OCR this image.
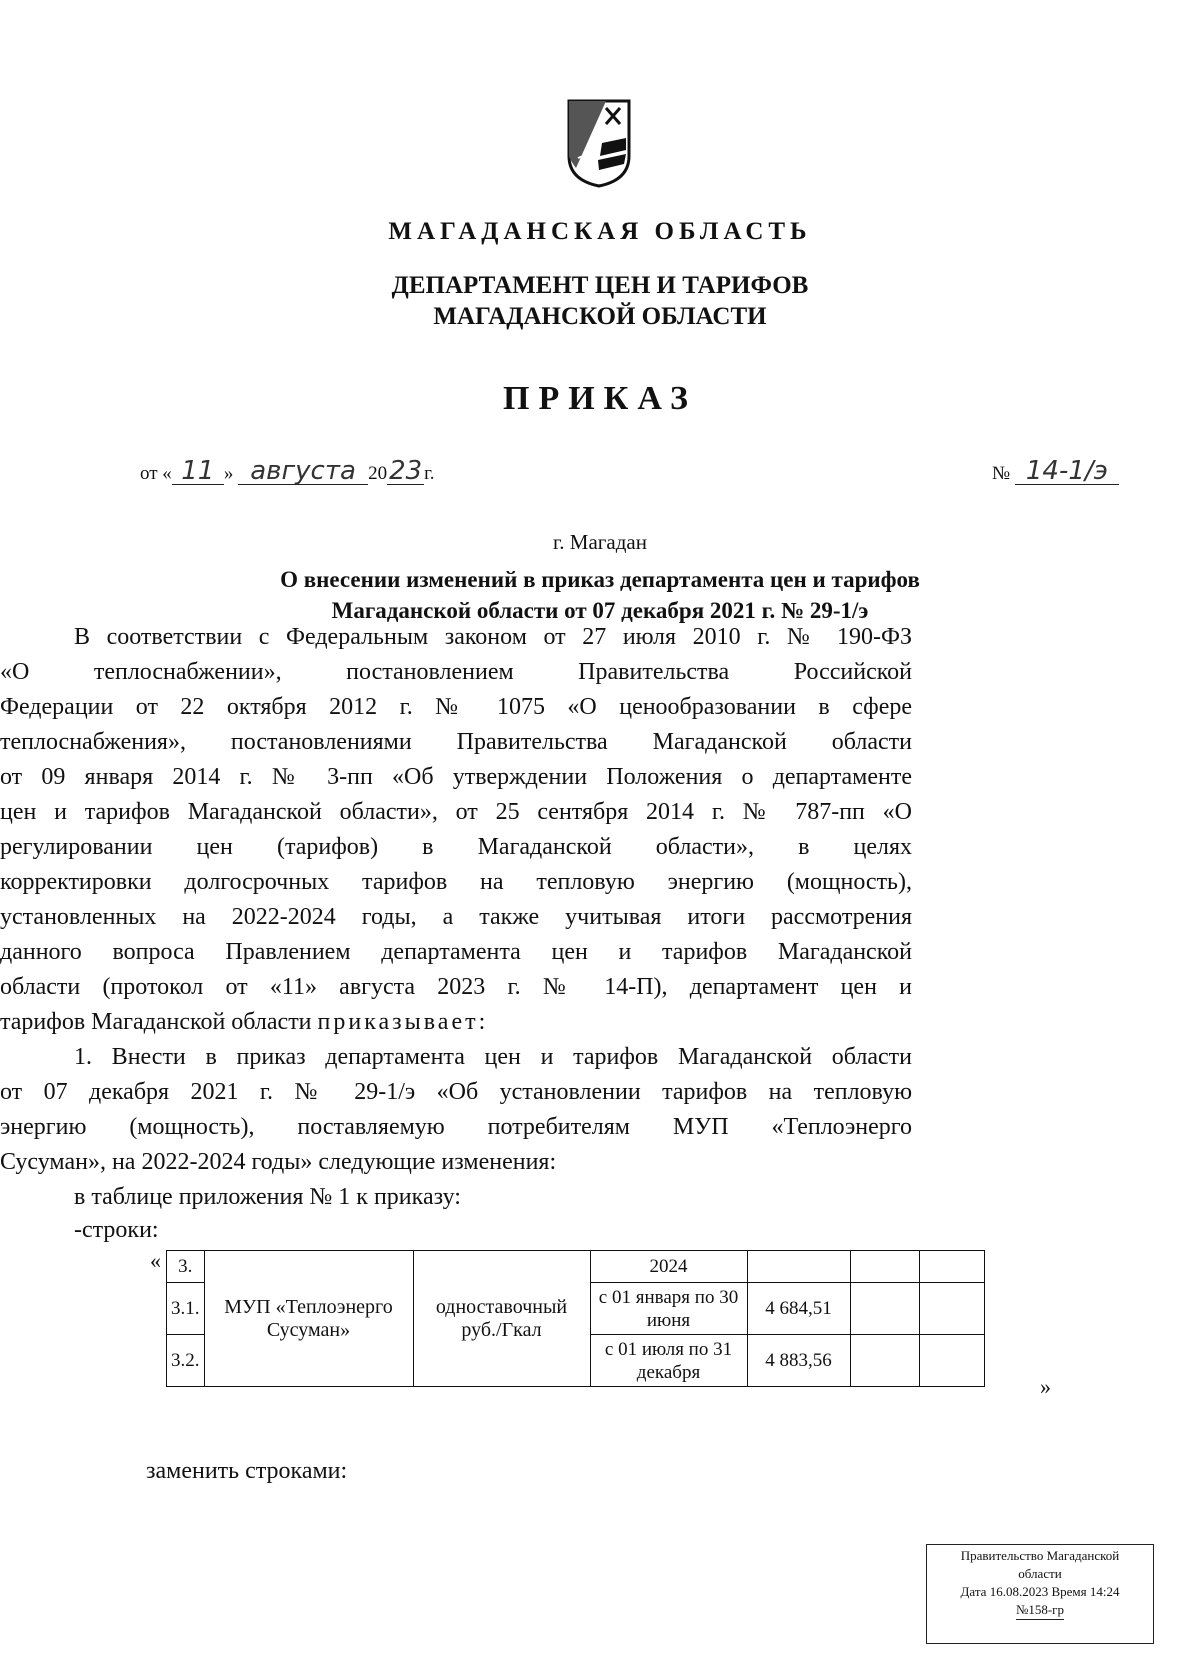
МАГАДАНСКАЯ ОБЛАСТЬ
ДЕПАРТАМЕНТ ЦЕН И ТАРИФОВ
МАГАДАНСКОЙ ОБЛАСТИ
ПРИКАЗ
от « 11 » августа 2023 г.	№ 14-1/э
г. Магадан
О внесении изменений в приказ департамента цен и тарифов
Магаданской области от 07 декабря 2021 г. № 29-1/э
В соответствии с Федеральным законом от 27 июля 2010 г. № 190-ФЗ
«О теплоснабжении», постановлением Правительства Российской
Федерации от 22 октября 2012 г. № 1075 «О ценообразовании в сфере
теплоснабжения», постановлениями Правительства Магаданской области
от 09 января 2014 г. № 3-пп «Об утверждении Положения о департаменте
цен и тарифов Магаданской области», от 25 сентября 2014 г. № 787-пп «О
регулировании цен (тарифов) в Магаданской области», в целях
корректировки долгосрочных тарифов на тепловую энергию (мощность),
установленных на 2022-2024 годы, а также учитывая итоги рассмотрения
данного вопроса Правлением департамента цен и тарифов Магаданской
области (протокол от «11» августа 2023 г. № 14-П), департамент цен и
тарифов Магаданской области приказывает:
1. Внести в приказ департамента цен и тарифов Магаданской области
от 07 декабря 2021 г. № 29-1/э «Об установлении тарифов на тепловую
энергию (мощность), поставляемую потребителям МУП «Теплоэнерго
Сусуман», на 2022-2024 годы» следующие изменения:
в таблице приложения № 1 к приказу:
-строки:
« 3.	МУП «Теплоэнерго Сусуман»	одноставочный руб./Гкал	2024			
3.1.			с 01 января по 30 июня	4 684,51		
3.2.			с 01 июля по 31 декабря	4 883,56		
»
заменить строками:
Правительство Магаданской
области
Дата 16.08.2023 Время 14:24
№158-гр
